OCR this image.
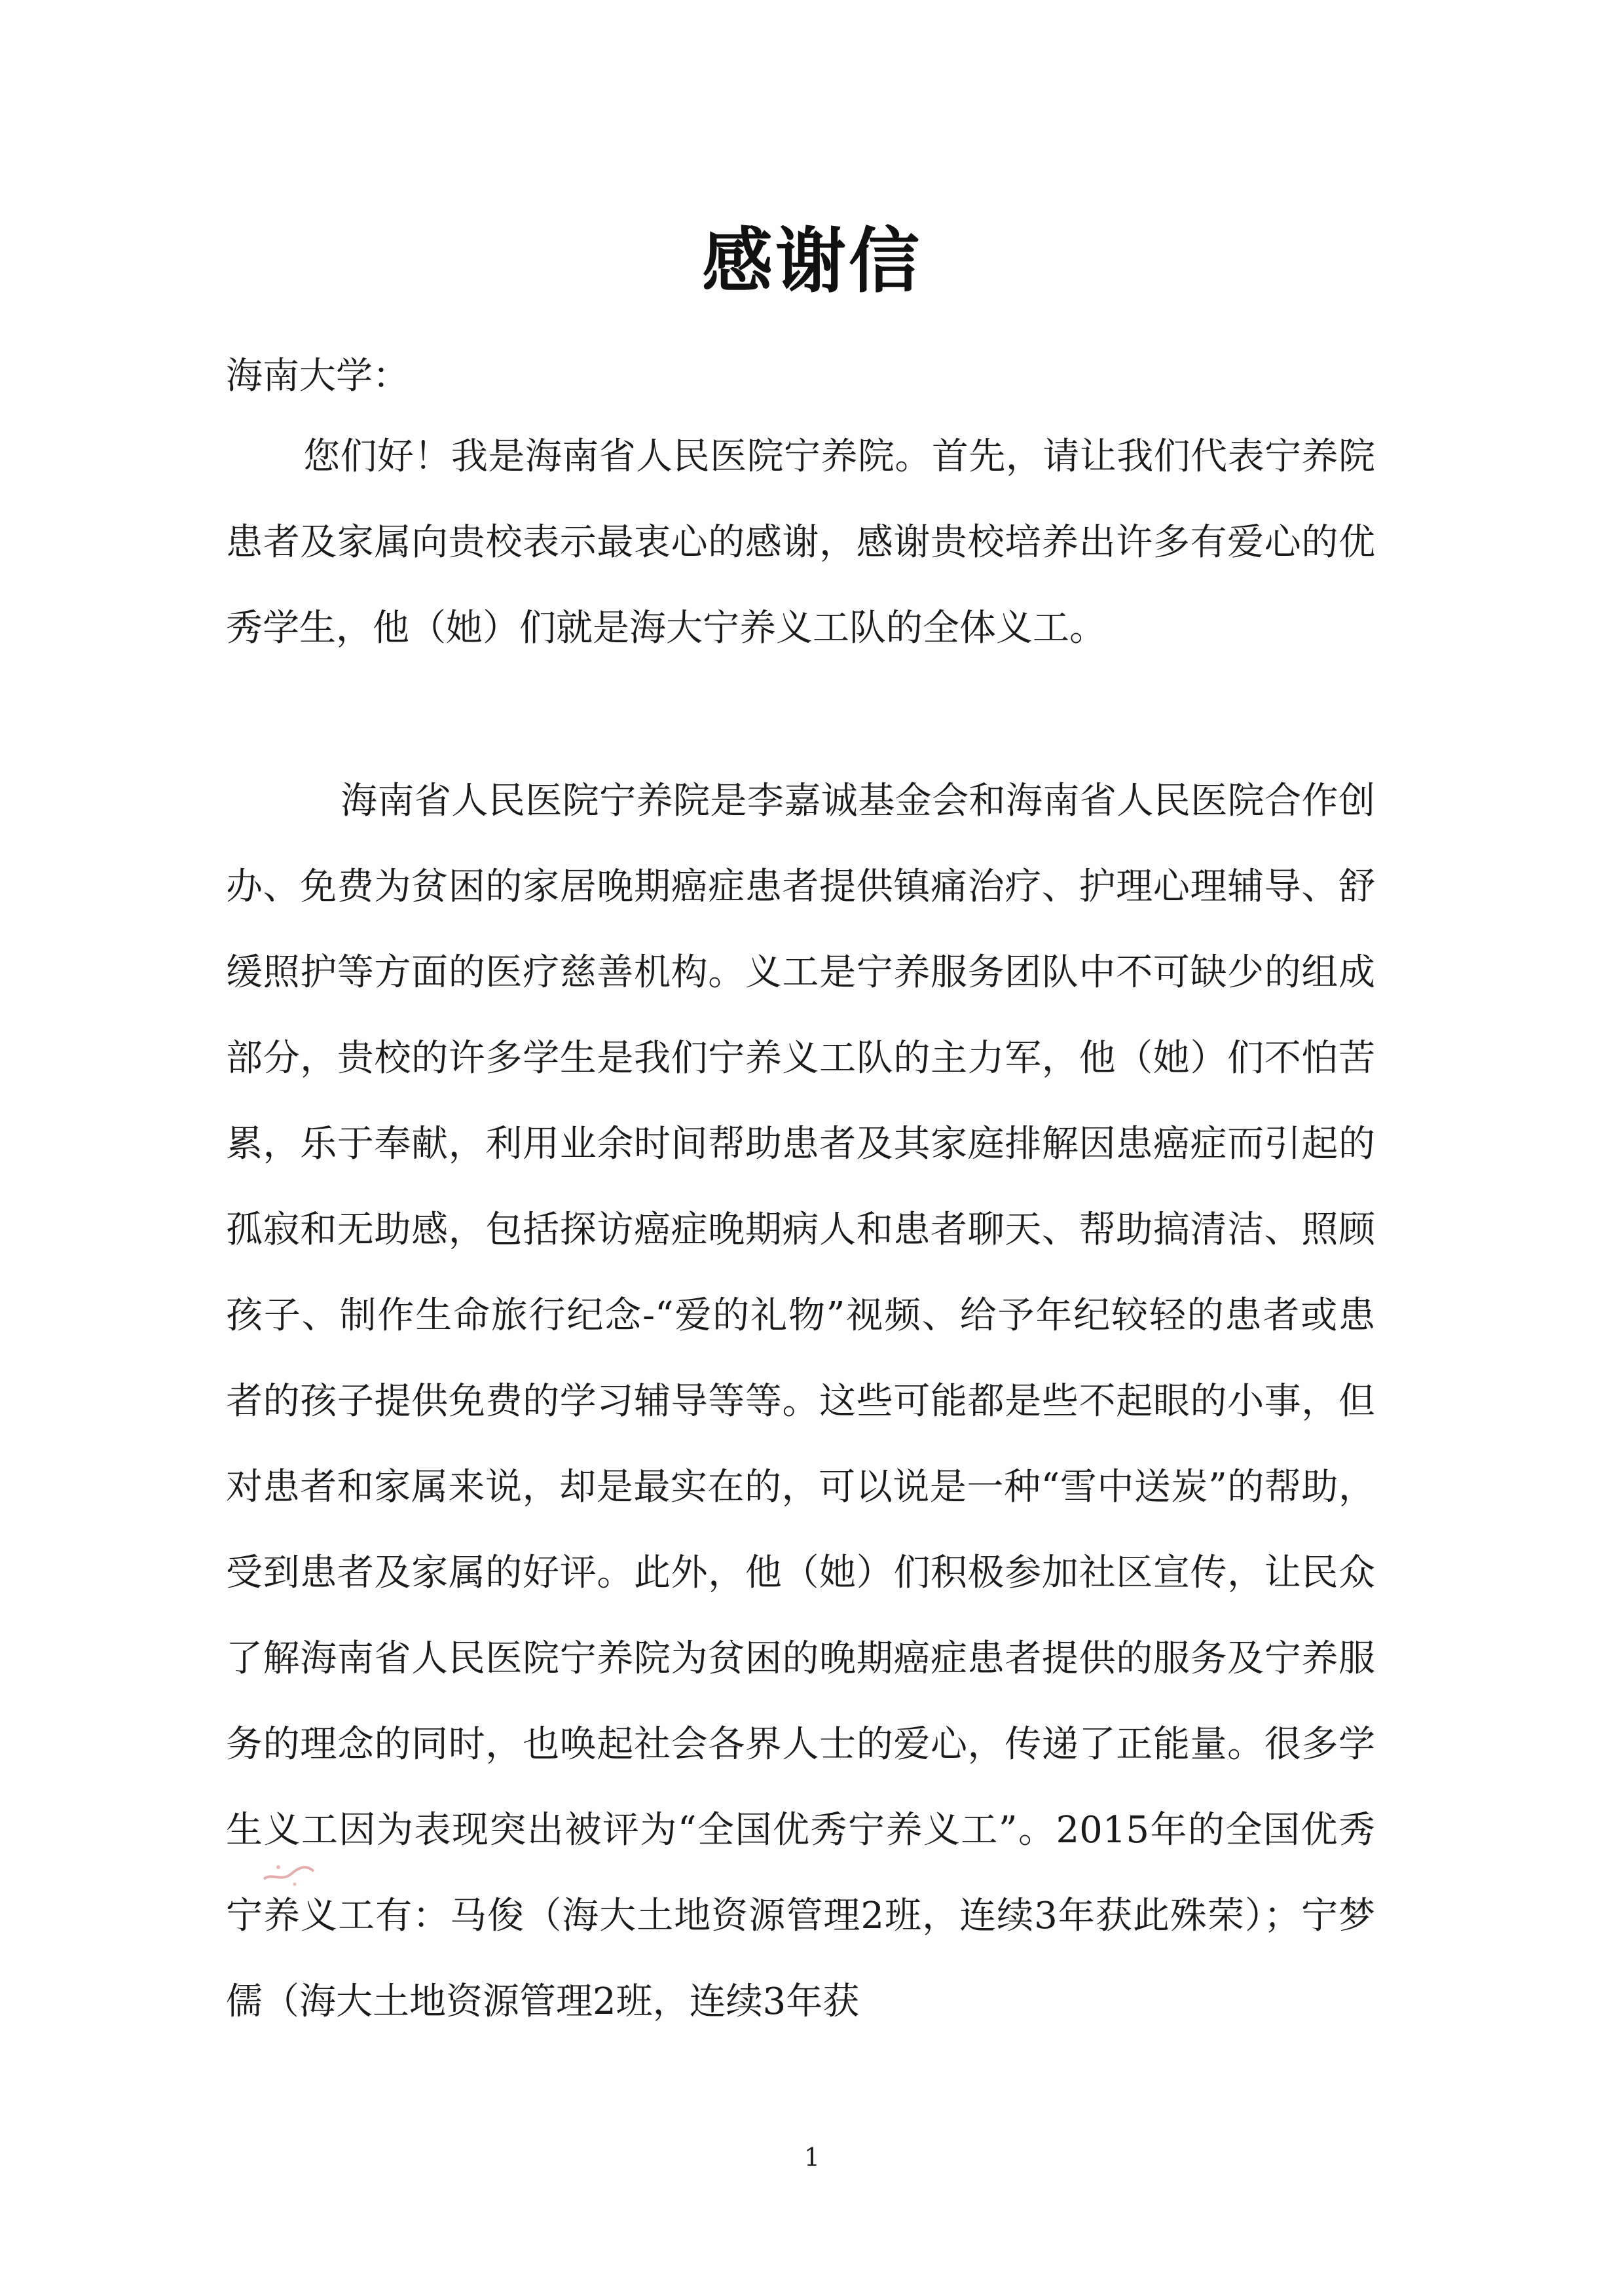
感谢信
海南大学：

您们好！我是海南省人民医院宁养院。首先，请让我们代表宁养院患者及家属向贵校表示最衷心的感谢，感谢贵校培养出许多有爱心的优秀学生，他（她）们就是海大宁养义工队的全体义工。

海南省人民医院宁养院是李嘉诚基金会和海南省人民医院合作创办、免费为贫困的家居晚期癌症患者提供镇痛治疗、护理心理辅导、舒缓照护等方面的医疗慈善机构。义工是宁养服务团队中不可缺少的组成部分，贵校的许多学生是我们宁养义工队的主力军，他（她）们不怕苦累，乐于奉献，利用业余时间帮助患者及其家庭排解因患癌症而引起的孤寂和无助感，包括探访癌症晚期病人和患者聊天、帮助搞清洁、照顾孩子、制作生命旅行纪念-“爱的礼物”视频、给予年纪较轻的患者或患者的孩子提供免费的学习辅导等等。这些可能都是些不起眼的小事，但对患者和家属来说，却是最实在的，可以说是一种“雪中送炭”的帮助，受到患者及家属的好评。此外，他（她）们积极参加社区宣传，让民众了解海南省人民医院宁养院为贫困的晚期癌症患者提供的服务及宁养服务的理念的同时，也唤起社会各界人士的爱心，传递了正能量。很多学生义工因为表现突出被评为“全国优秀宁养义工”。2015年的全国优秀宁养义工有：马俊（海大土地资源管理2班，连续3年获此殊荣）；宁梦儒（海大土地资源管理2班，连续3年获

1
